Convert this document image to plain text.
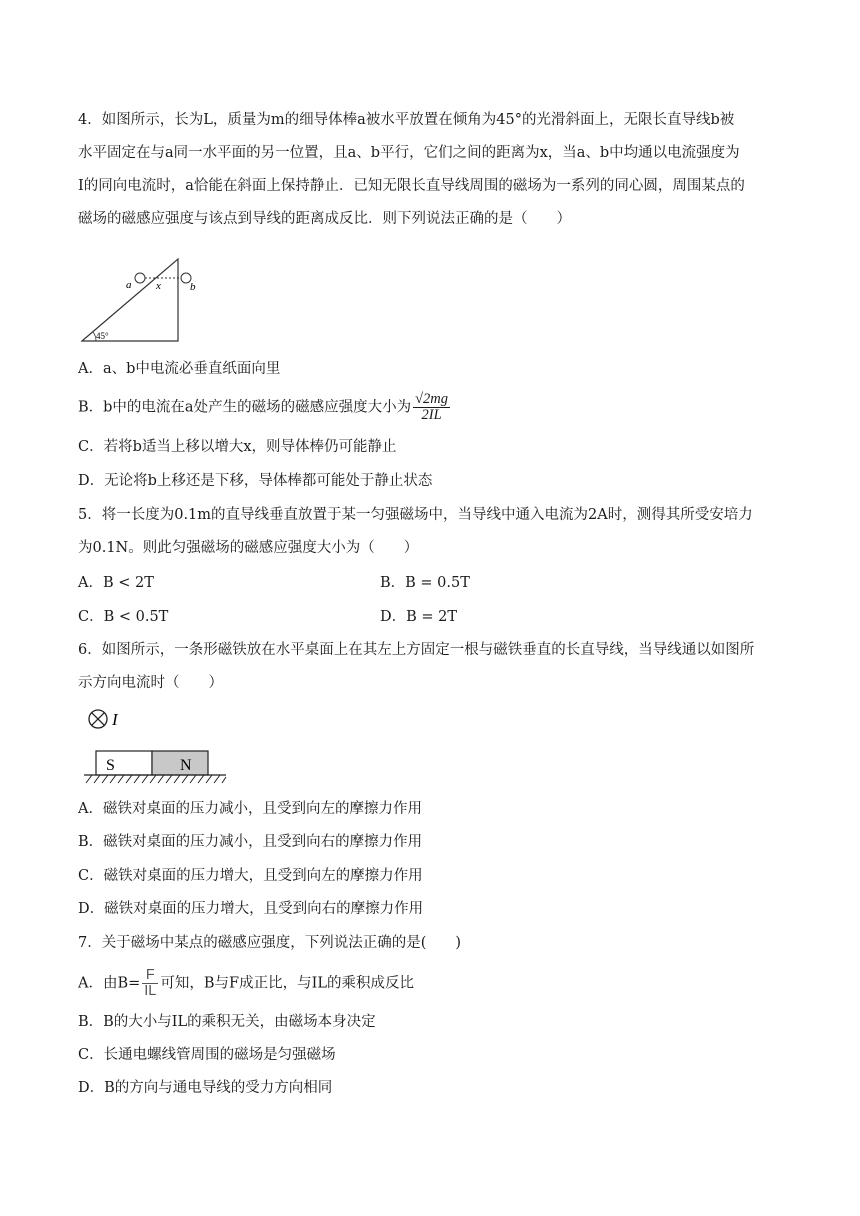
4．如图所示，长为L，质量为m的细导体棒a被水平放置在倾角为45°的光滑斜面上，无限长直导线b被
水平固定在与a同一水平面的另一位置，且a、b平行，它们之间的距离为x，当a、b中均通以电流强度为
I的同向电流时，a恰能在斜面上保持静止．已知无限长直导线周围的磁场为一系列的同心圆，周围某点的
磁场的磁感应强度与该点到导线的距离成反比．则下列说法正确的是（　　）
a x	b
45°
A．a、b中电流必垂直纸面向里
B．b中的电流在a处产生的磁场的磁感应强度大小为 $\frac{√2mg}{2IL}$
C．若将b适当上移以增大x，则导体棒仍可能静止
D．无论将b上移还是下移，导体棒都可能处于静止状态
5．将一长度为0.1m的直导线垂直放置于某一匀强磁场中，当导线中通入电流为2A时，测得其所受安培力
为0.1N。则此匀强磁场的磁感应强度大小为（　　）
A．B < 2T	B．B = 0.5T
C．B < 0.5T	D．B = 2T
6．如图所示，一条形磁铁放在水平桌面上在其左上方固定一根与磁铁垂直的长直导线，当导线通以如图所
示方向电流时（　　）
I
S	N
A．磁铁对桌面的压力减小，且受到向左的摩擦力作用
B．磁铁对桌面的压力减小，且受到向右的摩擦力作用
C．磁铁对桌面的压力增大，且受到向左的摩擦力作用
D．磁铁对桌面的压力增大，且受到向右的摩擦力作用
7．关于磁场中某点的磁感应强度，下列说法正确的是(　　)
A．由$B= \frac{F}{IL}$ 可知，B与F成正比，与IL的乘积成反比
B．B的大小与IL的乘积无关，由磁场本身决定
C．长通电螺线管周围的磁场是匀强磁场
D．B的方向与通电导线的受力方向相同
